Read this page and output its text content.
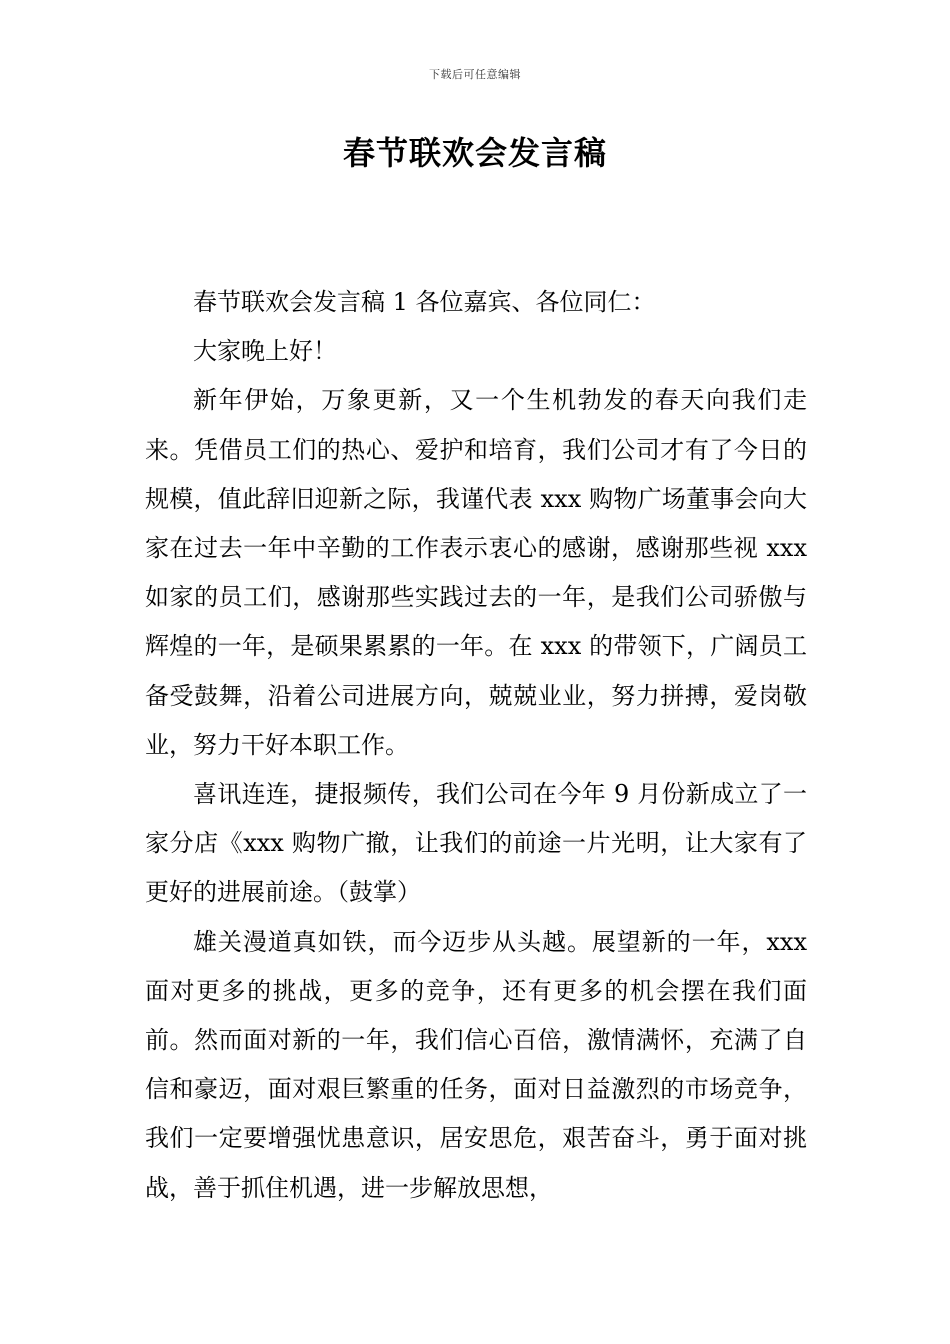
下载后可任意编辑
春节联欢会发言稿

春节联欢会发言稿 1 各位嘉宾、各位同仁：

大家晚上好！

新年伊始，万象更新，又一个生机勃发的春天向我们走来。凭借员工们的热心、爱护和培育，我们公司才有了今日的规模，值此辞旧迎新之际，我谨代表 xxx 购物广场董事会向大家在过去一年中辛勤的工作表示衷心的感谢，感谢那些视 xxx 如家的员工们，感谢那些实践过去的一年，是我们公司骄傲与辉煌的一年，是硕果累累的一年。在 xxx 的带领下，广阔员工备受鼓舞，沿着公司进展方向，兢兢业业，努力拼搏，爱岗敬业，努力干好本职工作。

喜讯连连，捷报频传，我们公司在今年 9 月份新成立了一家分店《xxx 购物广撤，让我们的前途一片光明，让大家有了更好的进展前途。（鼓掌）

雄关漫道真如铁，而今迈步从头越。展望新的一年，xxx 面对更多的挑战，更多的竞争，还有更多的机会摆在我们面前。然而面对新的一年，我们信心百倍，激情满怀，充满了自信和豪迈，面对艰巨繁重的任务，面对日益激烈的市场竞争，我们一定要增强忧患意识，居安思危，艰苦奋斗，勇于面对挑战，善于抓住机遇，进一步解放思想，
